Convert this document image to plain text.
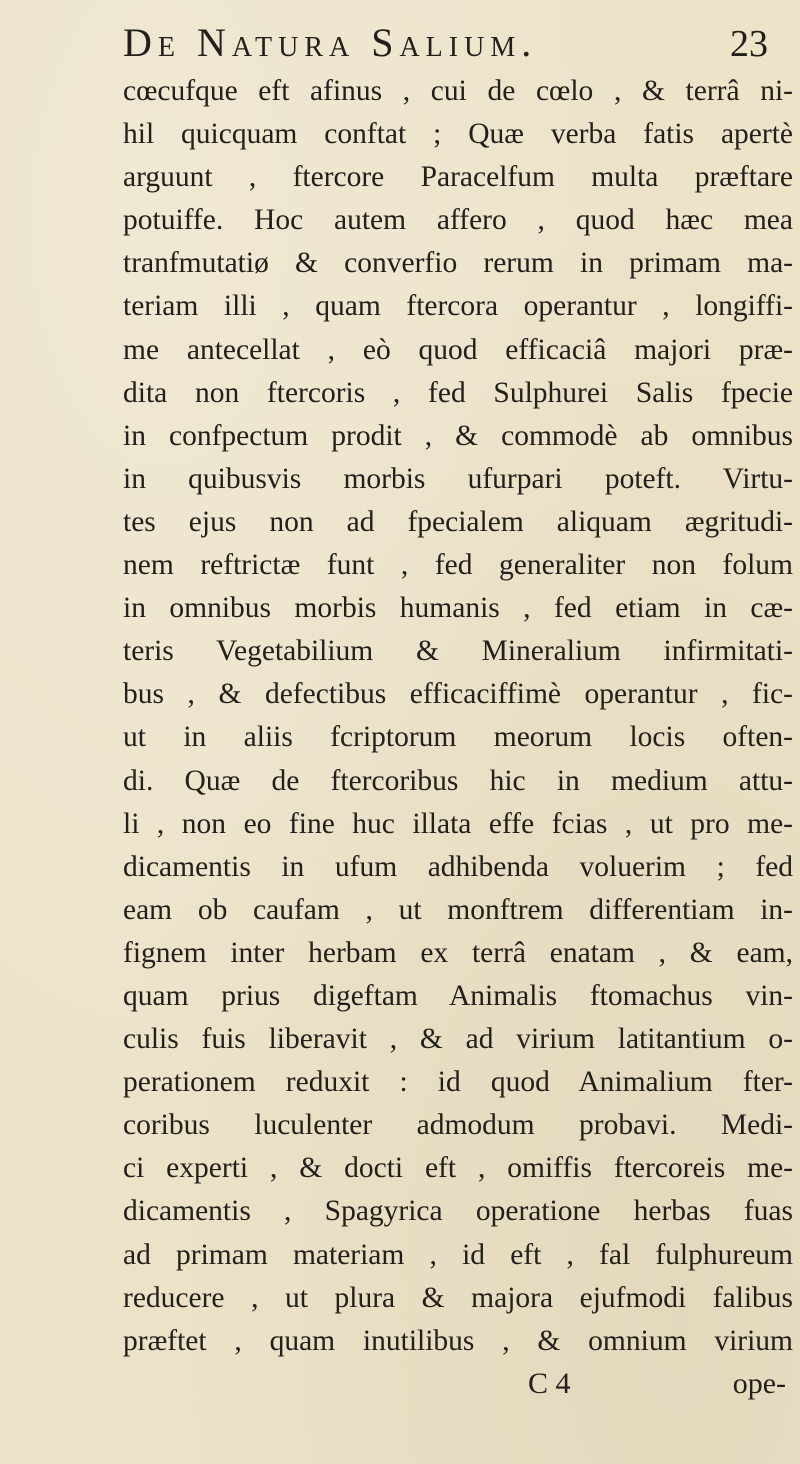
De Natura Salium.	23
cœcufque eft afinus , cui de cœlo , & terrâ ni-
hil quicquam conftat ; Quæ verba fatis apertè
arguunt , ftercore Paracelfum multa præftare
potuiffe. Hoc autem affero , quod hæc mea
tranfmutatiø & converfio rerum in primam ma-
teriam illi , quam ftercora operantur , longiffi-
me antecellat , eò quod efficaciâ majori præ-
dita non ftercoris , fed Sulphurei Salis fpecie
in confpectum prodit , & commodè ab omnibus
in quibusvis morbis ufurpari poteft. Virtu-
tes ejus non ad fpecialem aliquam ægritudi-
nem reftrictæ funt , fed generaliter non folum
in omnibus morbis humanis , fed etiam in cæ-
teris Vegetabilium & Mineralium infirmitati-
bus , & defectibus efficaciffimè operantur , fic-
ut in aliis fcriptorum meorum locis often-
di. Quæ de ftercoribus hic in medium attu-
li , non eo fine huc illata effe fcias , ut pro me-
dicamentis in ufum adhibenda voluerim ; fed
eam ob caufam , ut monftrem differentiam in-
fignem inter herbam ex terrâ enatam , & eam,
quam prius digeftam Animalis ftomachus vin-
culis fuis liberavit , & ad virium latitantium o-
perationem reduxit : id quod Animalium fter-
coribus luculenter admodum probavi. Medi-
ci experti , & docti eft , omiffis ftercoreis me-
dicamentis , Spagyrica operatione herbas fuas
ad primam materiam , id eft , fal fulphureum
reducere , ut plura & majora ejufmodi falibus
præftet , quam inutilibus , & omnium virium
C 4	ope-
